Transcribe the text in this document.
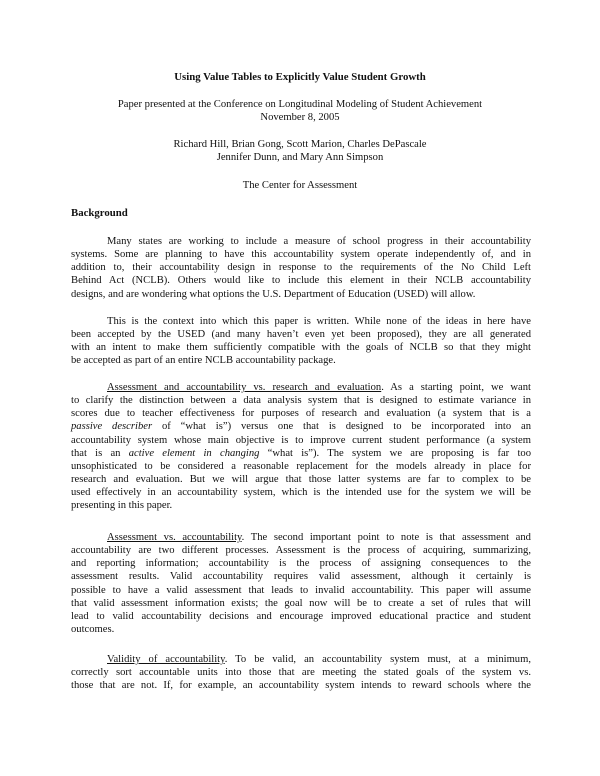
Using Value Tables to Explicitly Value Student Growth
Paper presented at the Conference on Longitudinal Modeling of Student Achievement
November 8, 2005
Richard Hill, Brian Gong, Scott Marion, Charles DePascale
Jennifer Dunn, and Mary Ann Simpson
The Center for Assessment
Background
Many states are working to include a measure of school progress in their accountability
systems. Some are planning to have this accountability system operate independently of, and in
addition to, their accountability design in response to the requirements of the No Child Left
Behind Act (NCLB). Others would like to include this element in their NCLB accountability
designs, and are wondering what options the U.S. Department of Education (USED) will allow.
This is the context into which this paper is written. While none of the ideas in here have
been accepted by the USED (and many haven’t even yet been proposed), they are all generated
with an intent to make them sufficiently compatible with the goals of NCLB so that they might
be accepted as part of an entire NCLB accountability package.
Assessment and accountability vs. research and evaluation. As a starting point, we want
to clarify the distinction between a data analysis system that is designed to estimate variance in
scores due to teacher effectiveness for purposes of research and evaluation (a system that is a
passive describer of “what is”) versus one that is designed to be incorporated into an
accountability system whose main objective is to improve current student performance (a system
that is an active element in changing “what is”). The system we are proposing is far too
unsophisticated to be considered a reasonable replacement for the models already in place for
research and evaluation. But we will argue that those latter systems are far to complex to be
used effectively in an accountability system, which is the intended use for the system we will be
presenting in this paper.
Assessment vs. accountability. The second important point to note is that assessment and
accountability are two different processes. Assessment is the process of acquiring, summarizing,
and reporting information; accountability is the process of assigning consequences to the
assessment results. Valid accountability requires valid assessment, although it certainly is
possible to have a valid assessment that leads to invalid accountability. This paper will assume
that valid assessment information exists; the goal now will be to create a set of rules that will
lead to valid accountability decisions and encourage improved educational practice and student
outcomes.
Validity of accountability. To be valid, an accountability system must, at a minimum,
correctly sort accountable units into those that are meeting the stated goals of the system vs.
those that are not. If, for example, an accountability system intends to reward schools where the
